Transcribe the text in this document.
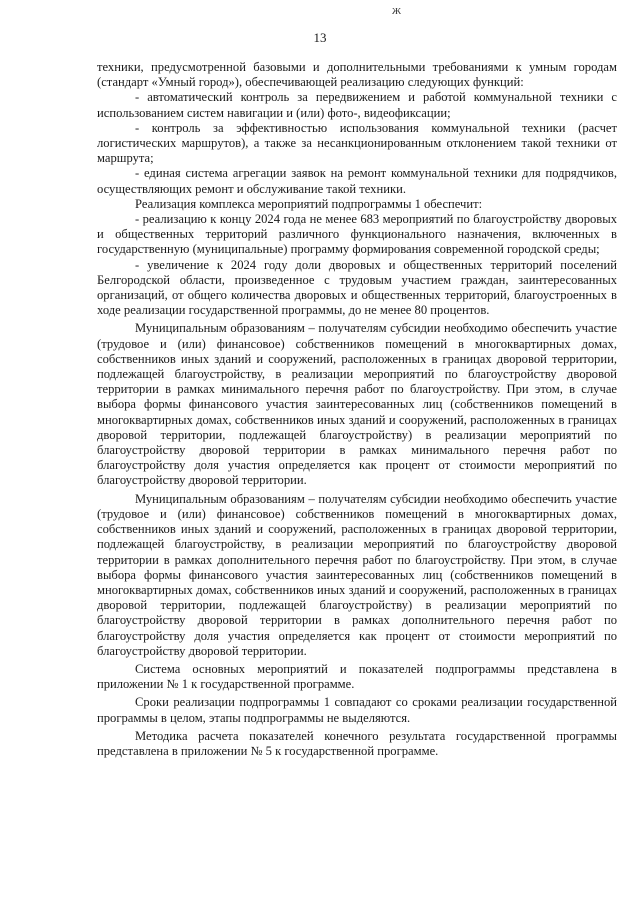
ж
13

техники, предусмотренной базовыми и дополнительными требованиями к умным городам (стандарт «Умный город»), обеспечивающей реализацию следующих функций:

- автоматический контроль за передвижением и работой коммунальной техники с использованием систем навигации и (или) фото-, видеофиксации;

- контроль за эффективностью использования коммунальной техники (расчет логистических маршрутов), а также за несанкционированным отклонением такой техники от маршрута;

- единая система агрегации заявок на ремонт коммунальной техники для подрядчиков, осуществляющих ремонт и обслуживание такой техники.

Реализация комплекса мероприятий подпрограммы 1 обеспечит:

- реализацию к концу 2024 года не менее 683 мероприятий по благоустройству дворовых и общественных территорий различного функционального назначения, включенных в государственную (муниципальные) программу формирования современной городской среды;

- увеличение к 2024 году доли дворовых и общественных территорий поселений Белгородской области, произведенное с трудовым участием граждан, заинтересованных организаций, от общего количества дворовых и общественных территорий, благоустроенных в ходе реализации государственной программы, до не менее 80 процентов.

Муниципальным образованиям – получателям субсидии необходимо обеспечить участие (трудовое и (или) финансовое) собственников помещений в многоквартирных домах, собственников иных зданий и сооружений, расположенных в границах дворовой территории, подлежащей благоустройству, в реализации мероприятий по благоустройству дворовой территории в рамках минимального перечня работ по благоустройству. При этом, в случае выбора формы финансового участия заинтересованных лиц (собственников помещений в многоквартирных домах, собственников иных зданий и сооружений, расположенных в границах дворовой территории, подлежащей благоустройству) в реализации мероприятий по благоустройству дворовой территории в рамках минимального перечня работ по благоустройству доля участия определяется как процент от стоимости мероприятий по благоустройству дворовой территории.

Муниципальным образованиям – получателям субсидии необходимо обеспечить участие (трудовое и (или) финансовое) собственников помещений в многоквартирных домах, собственников иных зданий и сооружений, расположенных в границах дворовой территории, подлежащей благоустройству, в реализации мероприятий по благоустройству дворовой территории в рамках дополнительного перечня работ по благоустройству. При этом, в случае выбора формы финансового участия заинтересованных лиц (собственников помещений в многоквартирных домах, собственников иных зданий и сооружений, расположенных в границах дворовой территории, подлежащей благоустройству) в реализации мероприятий по благоустройству дворовой территории в рамках дополнительного перечня работ по благоустройству доля участия определяется как процент от стоимости мероприятий по благоустройству дворовой территории.

Система основных мероприятий и показателей подпрограммы представлена в приложении № 1 к государственной программе.

Сроки реализации подпрограммы 1 совпадают со сроками реализации государственной программы в целом, этапы подпрограммы не выделяются.

Методика расчета показателей конечного результата государственной программы представлена в приложении № 5 к государственной программе.
